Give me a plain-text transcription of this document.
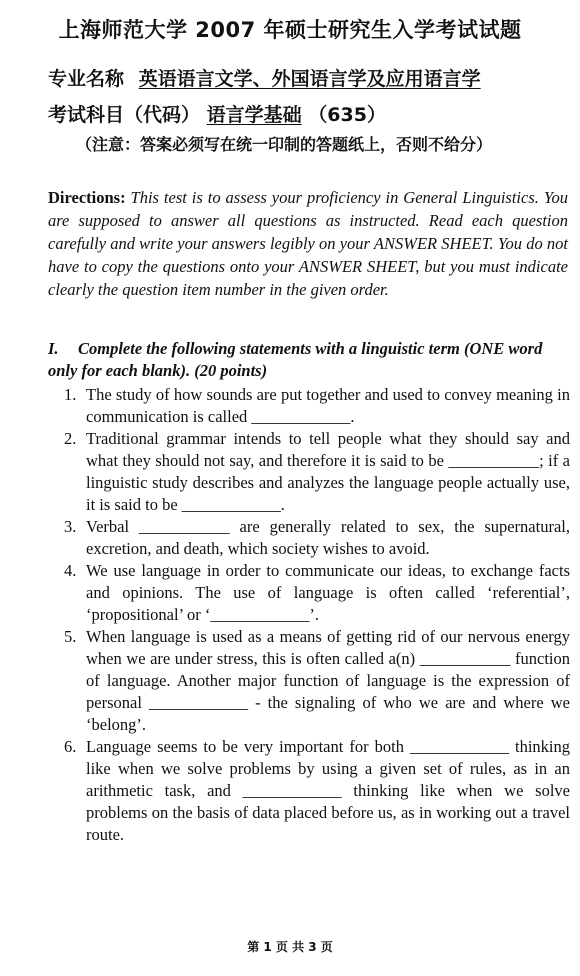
上海师范大学 2007 年硕士研究生入学考试试题
专业名称 英语语言文学、外国语言学及应用语言学
考试科目（代码） 语言学基础 （635）
（注意：答案必须写在统一印制的答题纸上，否则不给分）
Directions: This test is to assess your proficiency in General Linguistics. You are supposed to answer all questions as instructed. Read each question carefully and write your answers legibly on your ANSWER SHEET. You do not have to copy the questions onto your ANSWER SHEET, but you must indicate clearly the question item number in the given order.
I. Complete the following statements with a linguistic term (ONE word only for each blank). (20 points)
1. The study of how sounds are put together and used to convey meaning in communication is called ____________.
2. Traditional grammar intends to tell people what they should say and what they should not say, and therefore it is said to be ___________; if a linguistic study describes and analyzes the language people actually use, it is said to be ____________.
3. Verbal ___________ are generally related to sex, the supernatural, excretion, and death, which society wishes to avoid.
4. We use language in order to communicate our ideas, to exchange facts and opinions. The use of language is often called ‘referential’, ‘propositional’ or ‘____________’.
5. When language is used as a means of getting rid of our nervous energy when we are under stress, this is often called a(n) ___________ function of language. Another major function of language is the expression of personal ____________ - the signaling of who we are and where we ‘belong’.
6. Language seems to be very important for both ____________ thinking like when we solve problems by using a given set of rules, as in an arithmetic task, and ____________ thinking like when we solve problems on the basis of data placed before us, as in working out a travel route.
第 1 页 共 3 页
